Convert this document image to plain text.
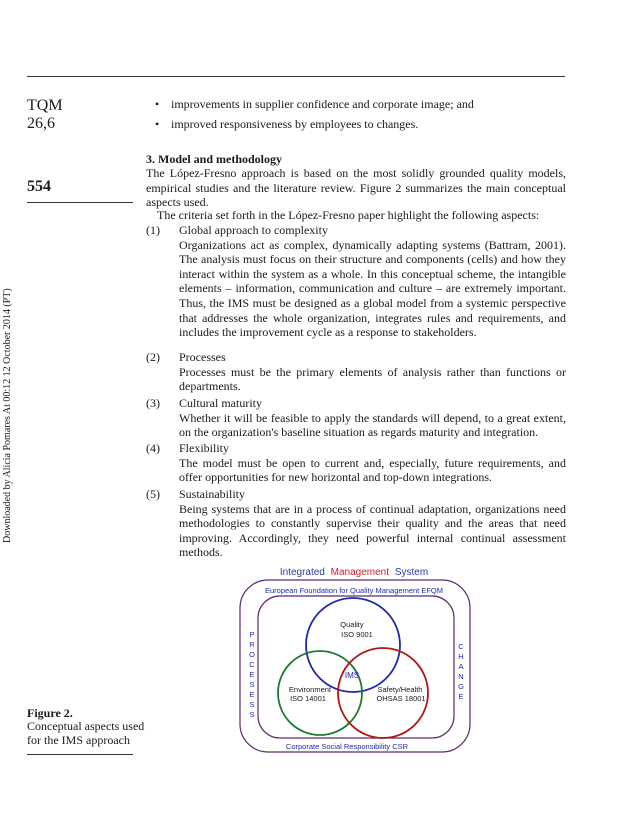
Downloaded by Alicia Pomares At 00:12 12 October 2014 (PT)
TQM
26,6
554
• improvements in supplier confidence and corporate image; and
• improved responsiveness by employees to changes.
3. Model and methodology
The López-Fresno approach is based on the most solidly grounded quality models, empirical studies and the literature review. Figure 2 summarizes the main conceptual aspects used.
The criteria set forth in the López-Fresno paper highlight the following aspects:
(1) Global approach to complexity
Organizations act as complex, dynamically adapting systems (Battram, 2001). The analysis must focus on their structure and components (cells) and how they interact within the system as a whole. In this conceptual scheme, the intangible elements – information, communication and culture – are extremely important. Thus, the IMS must be designed as a global model from a systemic perspective that addresses the whole organization, integrates rules and requirements, and includes the improvement cycle as a response to stakeholders.
(2) Processes
Processes must be the primary elements of analysis rather than functions or departments.
(3) Cultural maturity
Whether it will be feasible to apply the standards will depend, to a great extent, on the organization's baseline situation as regards maturity and integration.
(4) Flexibility
The model must be open to current and, especially, future requirements, and offer opportunities for new horizontal and top-down integrations.
(5) Sustainability
Being systems that are in a process of continual adaptation, organizations need methodologies to constantly supervise their quality and the areas that need improving. Accordingly, they need powerful internal continual assessment methods.
Figure 2.
Conceptual aspects used for the IMS approach
Integrated Management System
European Foundation for Quality Management EFQM
Corporate Social Responsibility CSR
P
R
O
C
E
S
E
S
S
C
H
A
N
G
E
Quality ISO 9001
IMS
Environment ISO 14001
Safety/Health OHSAS 18001
